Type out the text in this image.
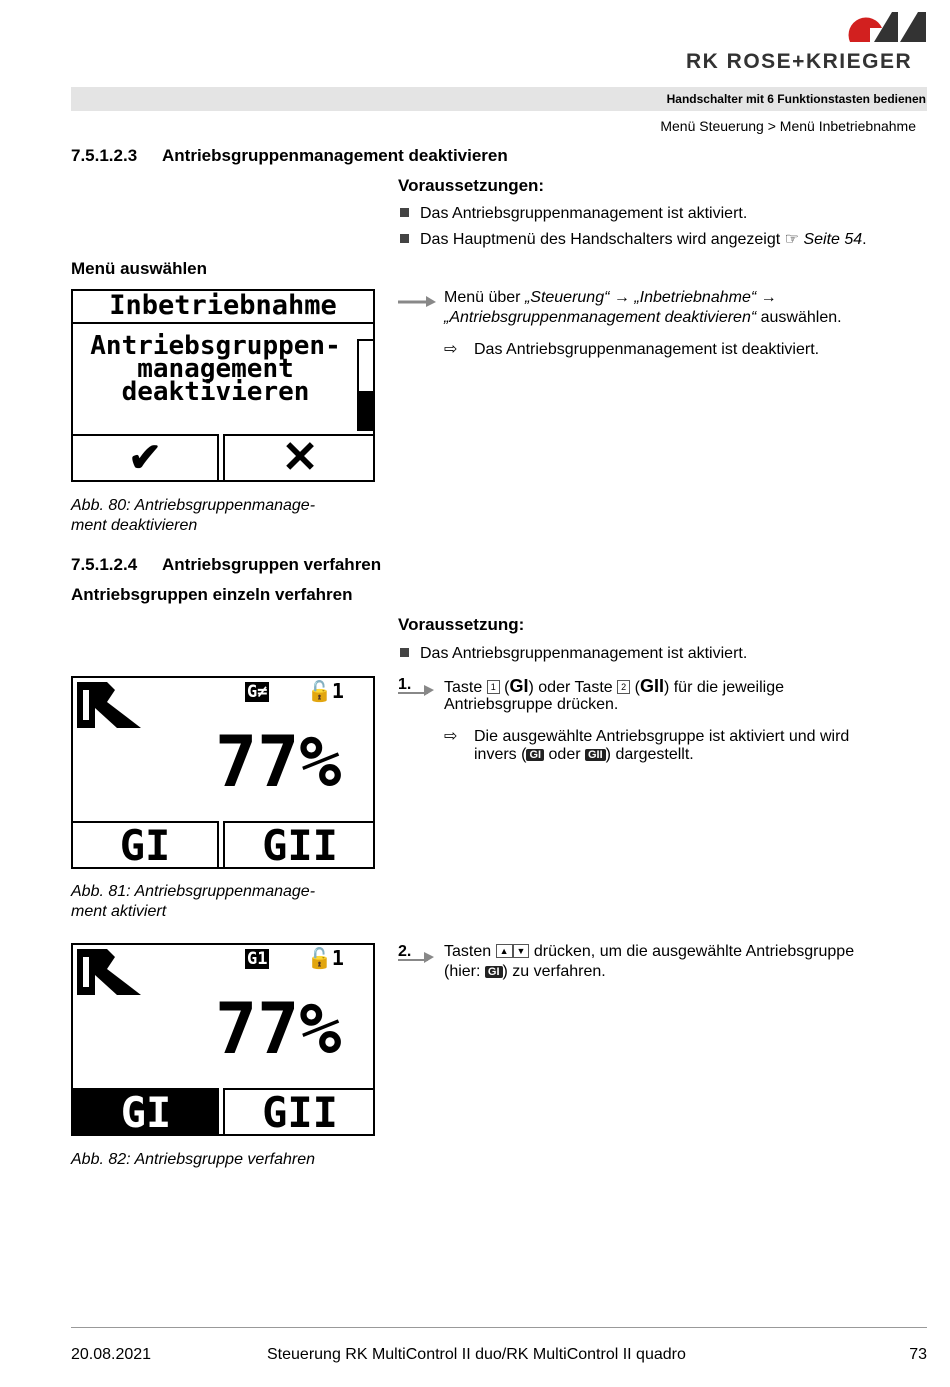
RK ROSE+KRIEGER
Handschalter mit 6 Funktionstasten bedienen
Menü Steuerung > Menü Inbetriebnahme
7.5.1.2.3 Antriebsgruppenmanagement deaktivieren
Voraussetzungen:
Das Antriebsgruppenmanagement ist aktiviert.
Das Hauptmenü des Handschalters wird angezeigt ☞ Seite 54.
Menü auswählen
Menü über „Steuerung“ → „Inbetriebnahme“ →
„Antriebsgruppenmanagement deaktivieren“ auswählen.
⇨ Das Antriebsgruppenmanagement ist deaktiviert.
Inbetriebnahme
Antriebsgruppen-
management
deaktivieren
✔	✕
Abb. 80: Antriebsgruppenmanage-
ment deaktivieren
7.5.1.2.4 Antriebsgruppen verfahren
Antriebsgruppen einzeln verfahren
Voraussetzung:
Das Antriebsgruppenmanagement ist aktiviert.
1. Taste 1 (GI) oder Taste 2 (GII) für die jeweilige
Antriebsgruppe drücken.
⇨ Die ausgewählte Antriebsgruppe ist aktiviert und wird
invers ( GI oder GII ) dargestellt.
G≠ 🔓1
77%
GI	GII
Abb. 81: Antriebsgruppenmanage-
ment aktiviert
2. Tasten ▲ ▼ drücken, um die ausgewählte Antriebsgruppe
(hier: GI ) zu verfahren.
G1 🔓1
77%
GI	GII
Abb. 82: Antriebsgruppe verfahren
20.08.2021	Steuerung RK MultiControl II duo/RK MultiControl II quadro	73
